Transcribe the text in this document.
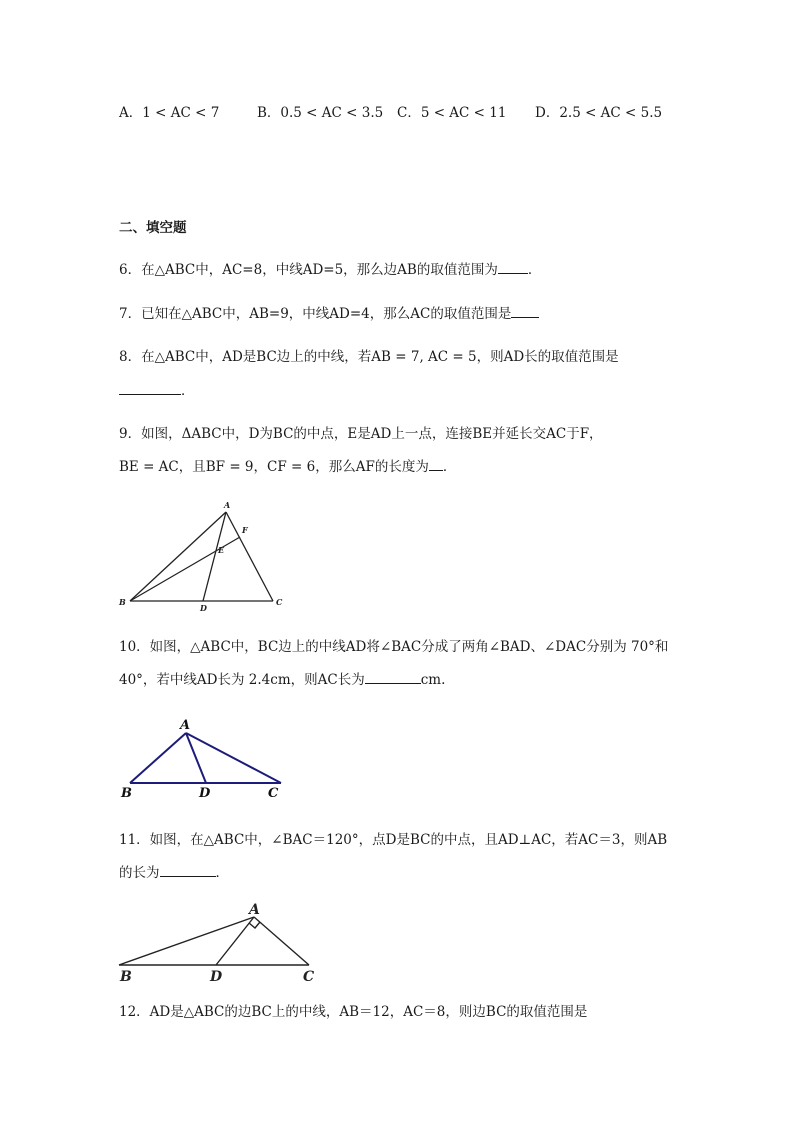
A．1 < AC < 7	B．0.5 < AC < 3.5 C．5 < AC < 11 D．2.5 < AC < 5.5
二、填空题
6．在△ABC中，AC=8，中线AD=5，那么边AB的取值范围为 ．
7．已知在△ABC中，AB=9，中线AD=4，那么AC的取值范围是
8．在△ABC中，AD是BC边上的中线，若AB = 7, AC = 5，则AD长的取值范围是
．
9．如图，ΔABC中，D为BC的中点，E是AD上一点，连接BE并延长交AC于F，
BE = AC，且BF = 9，CF = 6，那么AF的长度为 ．
A
B	C
D
E
F
10．如图，△ABC中，BC边上的中线AD将∠BAC分成了两角∠BAD、∠DAC分别为 70°和
40°，若中线AD长为 2.4cm，则AC长为	cm.
A
B	C
D
11．如图，在△ABC中，∠BAC＝120°，点D是BC的中点，且AD⊥AC，若AC＝3，则AB
的长为	．
A
B	C
D
12．AD是△ABC的边BC上的中线，AB＝12，AC＝8，则边BC的取值范围是
